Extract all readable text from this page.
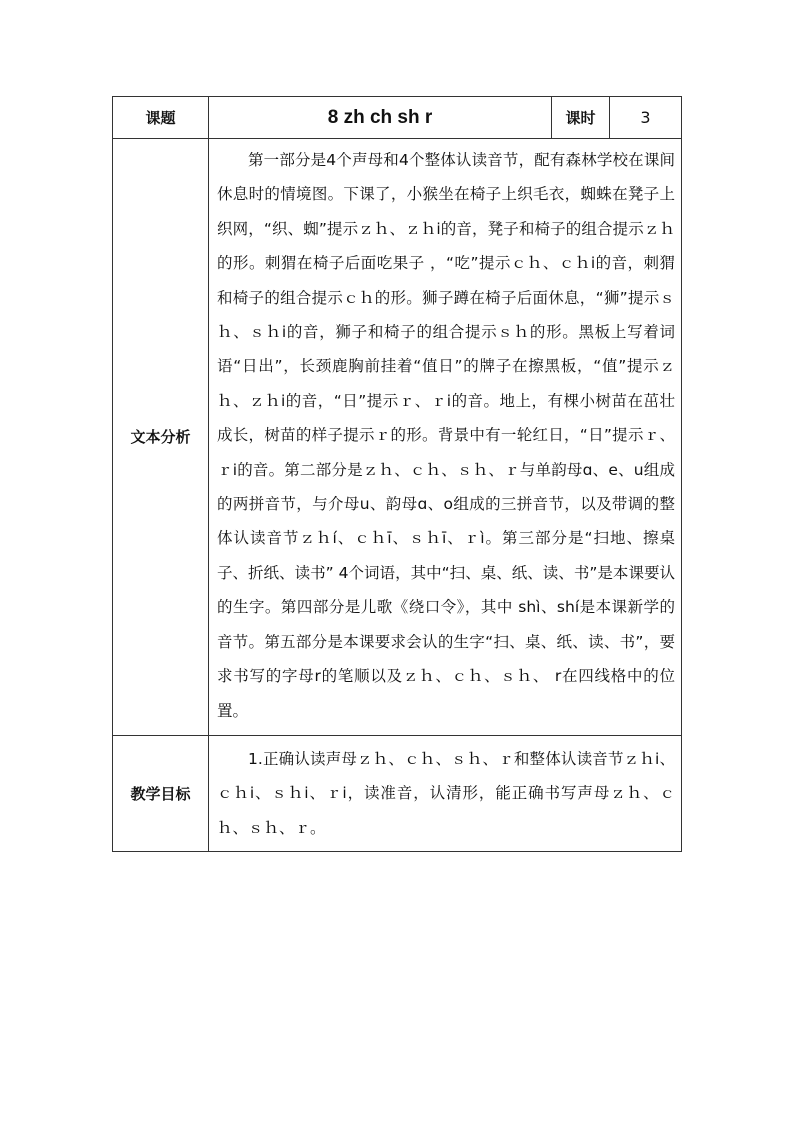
课题	8 zh ch sh r	课时	3
文本分析	第一部分是4个声母和4个整体认读音节，配有森林学校在课间休息时的情境图。下课了，小猴坐在椅子上织毛衣，蜘蛛在凳子上织网，“织、蜘”提示ｚｈ、ｚｈi的音，凳子和椅子的组合提示ｚｈ的形。刺猬在椅子后面吃果子 ，“吃”提示ｃｈ、ｃｈi的音，刺猬和椅子的组合提示ｃｈ的形。狮子蹲在椅子后面休息，“狮”提示ｓｈ、ｓｈi的音，狮子和椅子的组合提示ｓｈ的形。黑板上写着词语“日出”，长颈鹿胸前挂着“值日”的牌子在擦黑板，“值”提示ｚｈ、ｚｈi的音，“日”提示ｒ、ｒi的音。地上，有棵小树苗在茁壮成长，树苗的样子提示ｒ的形。背景中有一轮红日，“日”提示ｒ、ｒi的音。第二部分是ｚｈ、ｃｈ、ｓｈ、ｒ与单韵母ɑ、e、u组成的两拼音节，与介母u、韵母ɑ、o组成的三拼音节，以及带调的整体认读音节ｚｈí、ｃｈī、ｓｈī、ｒì。第三部分是“扫地、擦桌子、折纸、读书” 4个词语，其中“扫、桌、纸、读、书”是本课要认的生字。第四部分是儿歌《绕口令》，其中 shì、shí是本课新学的音节。第五部分是本课要求会认的生字“扫、桌、纸、读、书”，要求书写的字母r的笔顺以及ｚｈ、ｃｈ、ｓｈ、 r在四线格中的位置。		
教学目标	1.正确认读声母ｚｈ、ｃｈ、ｓｈ、ｒ和整体认读音节ｚｈi、ｃｈi、ｓｈi、ｒi，读准音，认清形，能正确书写声母ｚｈ、ｃｈ、ｓｈ、ｒ。		
